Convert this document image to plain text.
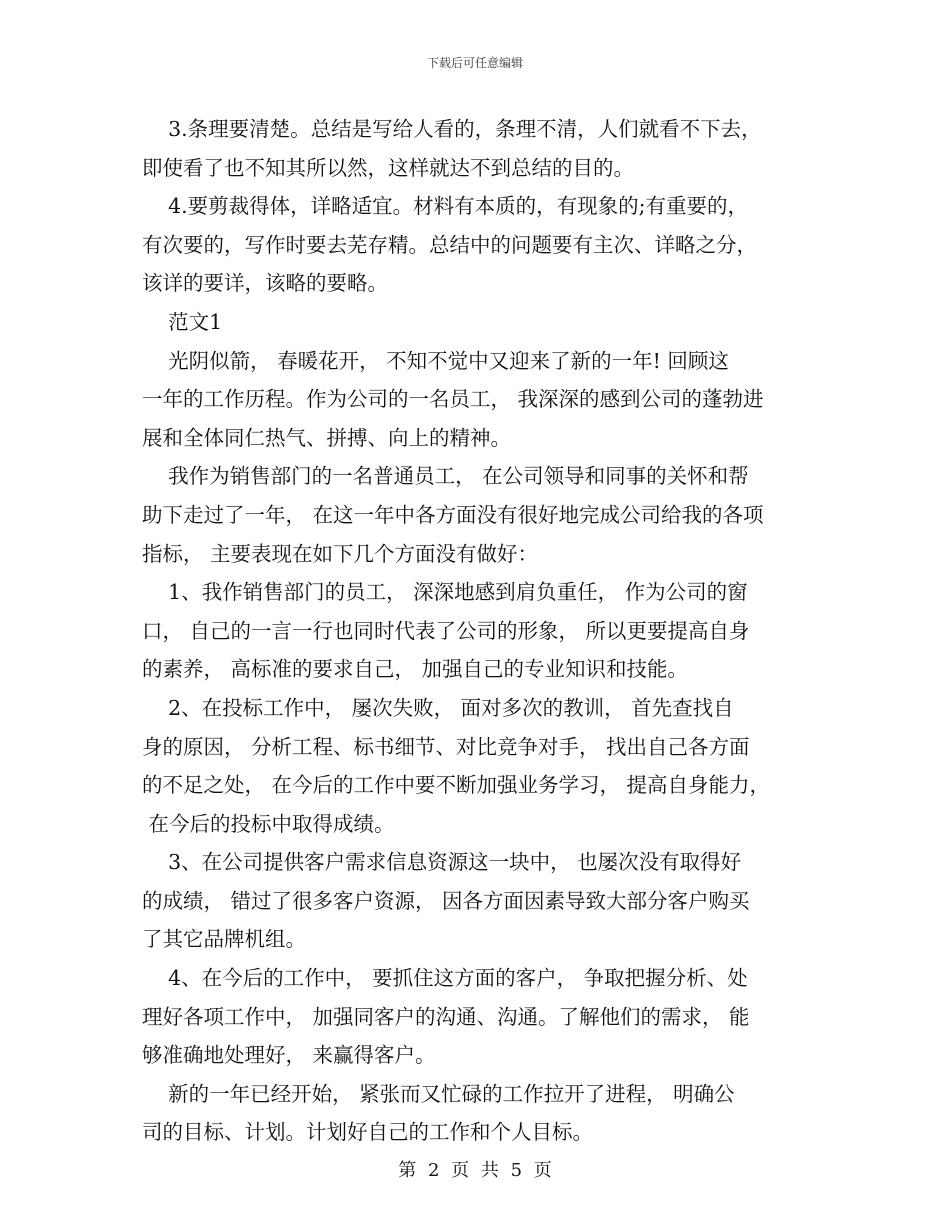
下载后可任意编辑

3.条理要清楚。总结是写给人看的，条理不清，人们就看不下去，
即使看了也不知其所以然，这样就达不到总结的目的。

4.要剪裁得体，详略适宜。材料有本质的，有现象的;有重要的，
有次要的，写作时要去芜存精。总结中的问题要有主次、详略之分，
该详的要详，该略的要略。

范文1

光阴似箭， 春暖花开， 不知不觉中又迎来了新的一年! 回顾这
一年的工作历程。作为公司的一名员工， 我深深的感到公司的蓬勃进
展和全体同仁热气、拼搏、向上的精神。

我作为销售部门的一名普通员工， 在公司领导和同事的关怀和帮
助下走过了一年， 在这一年中各方面没有很好地完成公司给我的各项
指标， 主要表现在如下几个方面没有做好：

1、我作销售部门的员工， 深深地感到肩负重任， 作为公司的窗
口， 自己的一言一行也同时代表了公司的形象， 所以更要提高自身
的素养， 高标准的要求自己， 加强自己的专业知识和技能。

2、在投标工作中， 屡次失败， 面对多次的教训， 首先查找自
身的原因， 分析工程、标书细节、对比竞争对手， 找出自己各方面
的不足之处， 在今后的工作中要不断加强业务学习， 提高自身能力，
在今后的投标中取得成绩。

3、在公司提供客户需求信息资源这一块中， 也屡次没有取得好
的成绩， 错过了很多客户资源， 因各方面因素导致大部分客户购买
了其它品牌机组。

4、在今后的工作中， 要抓住这方面的客户， 争取把握分析、处
理好各项工作中， 加强同客户的沟通、沟通。了解他们的需求， 能
够准确地处理好， 来赢得客户。

新的一年已经开始， 紧张而又忙碌的工作拉开了进程， 明确公
司的目标、计划。计划好自己的工作和个人目标。

第 2 页 共 5 页
